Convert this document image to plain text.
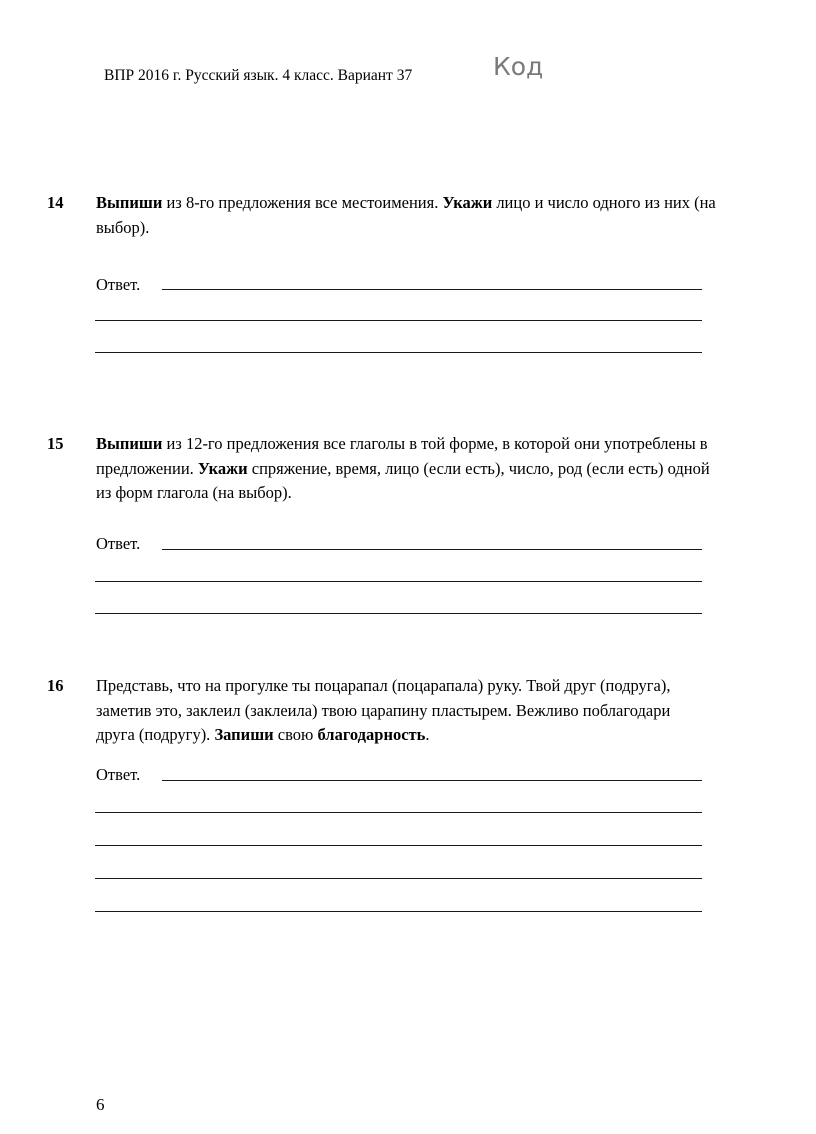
ВПР 2016 г. Русский язык. 4 класс. Вариант 37	Код
14 Выпиши из 8-го предложения все местоимения. Укажи лицо и число одного из них (на выбор).
Ответ.
15 Выпиши из 12-го предложения все глаголы в той форме, в которой они употреблены в предложении. Укажи спряжение, время, лицо (если есть), число, род (если есть) одной из форм глагола (на выбор).
Ответ.
16 Представь, что на прогулке ты поцарапал (поцарапала) руку. Твой друг (подруга), заметив это, заклеил (заклеила) твою царапину пластырем. Вежливо поблагодари друга (подругу). Запиши свою благодарность.
Ответ.
6
